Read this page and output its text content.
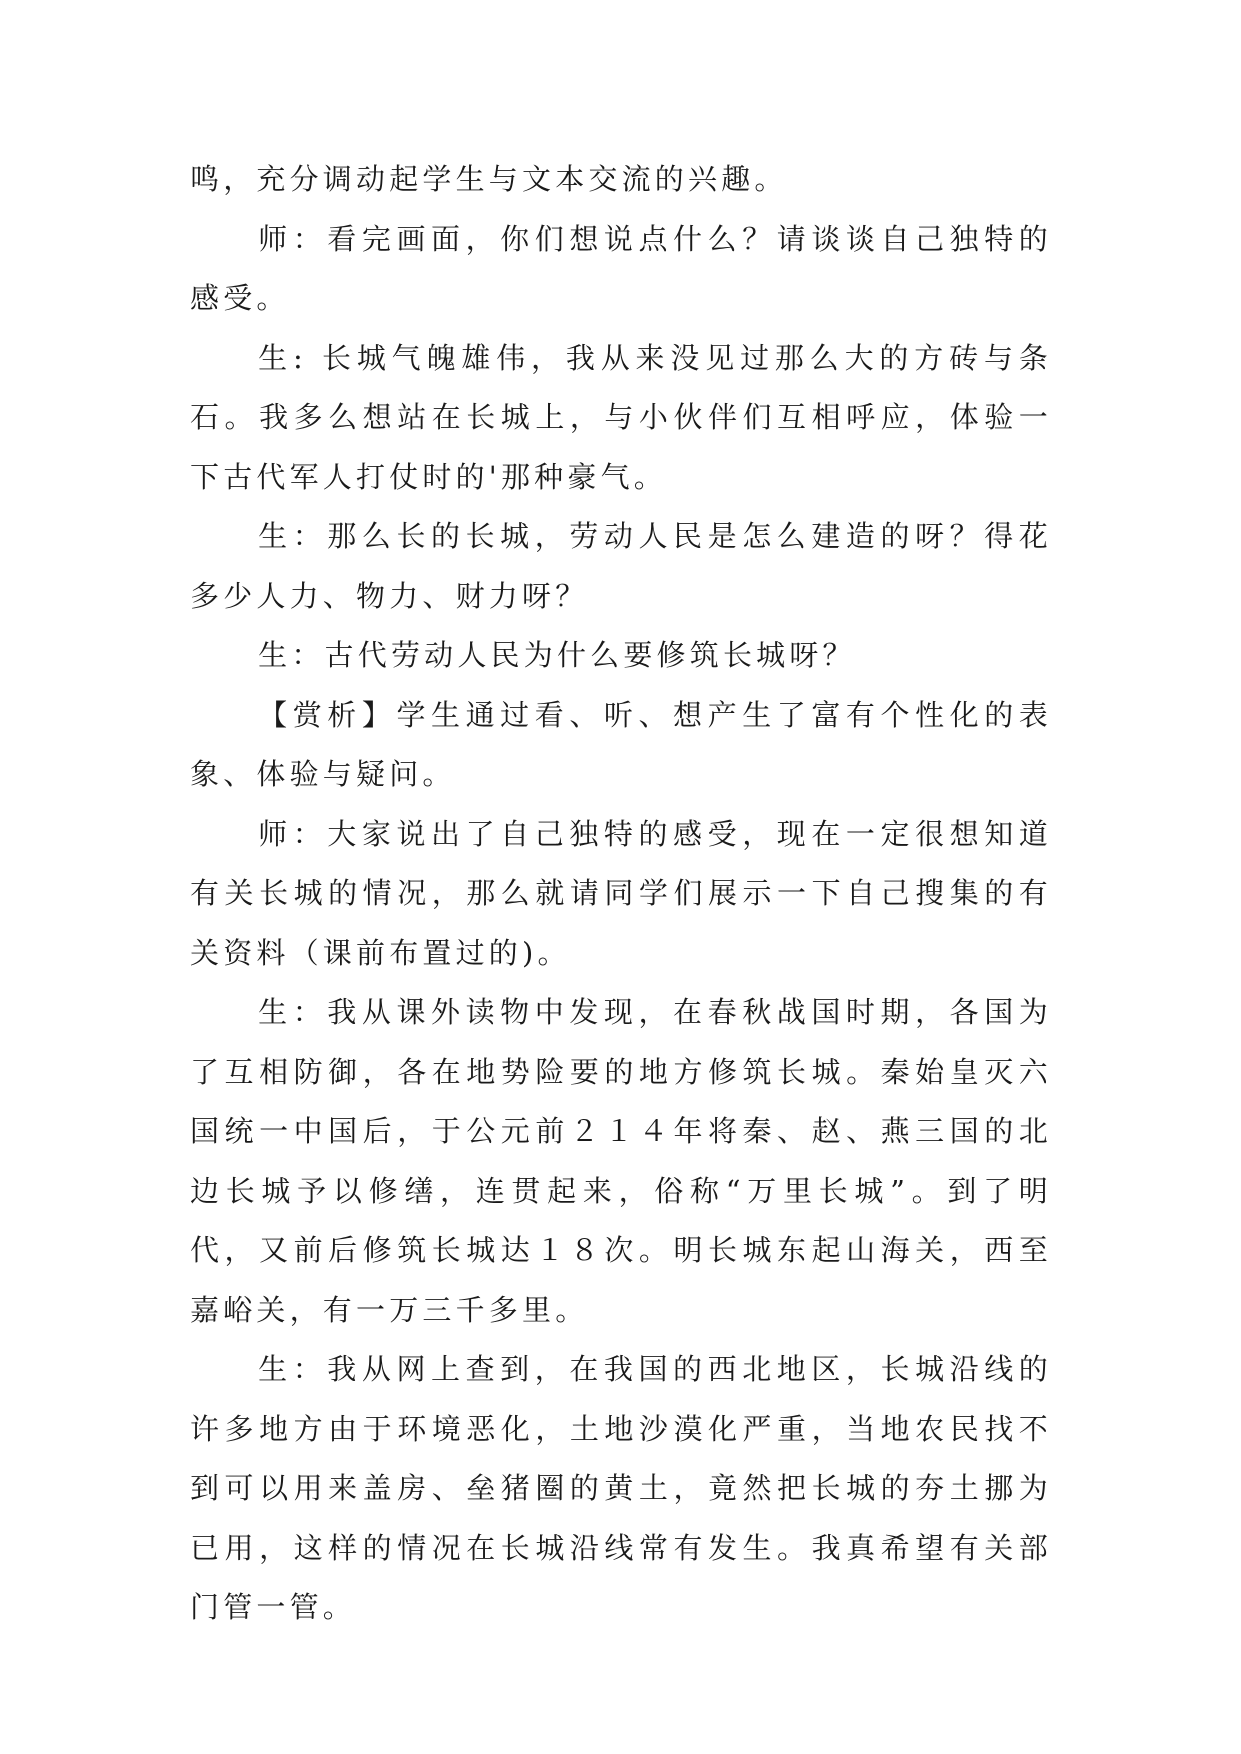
鸣，充分调动起学生与文本交流的兴趣。

师：看完画面，你们想说点什么？请谈谈自己独特的感受。

生: 长城气魄雄伟，我从来没见过那么大的方砖与条石。我多么想站在长城上，与小伙伴们互相呼应，体验一下古代军人打仗时的'那种豪气。

生：那么长的长城，劳动人民是怎么建造的呀？得花多少人力、物力、财力呀？

生：古代劳动人民为什么要修筑长城呀？

【赏析】学生通过看、听、想产生了富有个性化的表象、体验与疑问。

师：大家说出了自己独特的感受，现在一定很想知道有关长城的情况，那么就请同学们展示一下自己搜集的有关资料（课前布置过的)。

生：我从课外读物中发现，在春秋战国时期，各国为了互相防御，各在地势险要的地方修筑长城。秦始皇灭六国统一中国后，于公元前２１４年将秦、赵、燕三国的北边长城予以修缮，连贯起来，俗称“万里长城”。到了明代，又前后修筑长城达１８次。明长城东起山海关，西至嘉峪关，有一万三千多里。

生：我从网上查到，在我国的西北地区，长城沿线的许多地方由于环境恶化，土地沙漠化严重，当地农民找不到可以用来盖房、垒猪圈的黄土，竟然把长城的夯土挪为已用，这样的情况在长城沿线常有发生。我真希望有关部门管一管。
